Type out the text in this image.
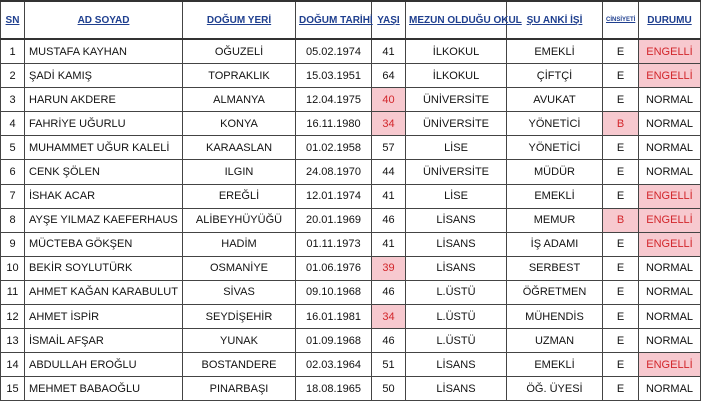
SN	AD SOYAD	DOĞUM YERİ	DOĞUM TARİHİ	YAŞI	MEZUN OLDUĞU OKUL	ŞU ANKİ İŞİ	CİNSİYETİ	DURUMU
1	MUSTAFA KAYHAN	OĞUZELİ	05.02.1974	41	İLKOKUL	EMEKLİ	E	ENGELLİ
2	ŞADİ KAMIŞ	TOPRAKLIK	15.03.1951	64	İLKOKUL	ÇİFTÇİ	E	ENGELLİ
3	HARUN AKDERE	ALMANYA	12.04.1975	40	ÜNİVERSİTE	AVUKAT	E	NORMAL
4	FAHRİYE UĞURLU	KONYA	16.11.1980	34	ÜNİVERSİTE	YÖNETİCİ	B	NORMAL
5	MUHAMMET UĞUR KALELİ	KARAASLAN	01.02.1958	57	LİSE	YÖNETİCİ	E	NORMAL
6	CENK ŞÖLEN	ILGIN	24.08.1970	44	ÜNİVERSİTE	MÜDÜR	E	NORMAL
7	İSHAK ACAR	EREĞLİ	12.01.1974	41	LİSE	EMEKLİ	E	ENGELLİ
8	AYŞE YILMAZ KAEFERHAUS	ALİBEYHÜYÜĞÜ	20.01.1969	46	LİSANS	MEMUR	B	ENGELLİ
9	MÜCTEBA GÖKŞEN	HADİM	01.11.1973	41	LİSANS	İŞ ADAMI	E	ENGELLİ
10	BEKİR SOYLUTÜRK	OSMANİYE	01.06.1976	39	LİSANS	SERBEST	E	NORMAL
11	AHMET KAĞAN KARABULUT	SİVAS	09.10.1968	46	L.ÜSTÜ	ÖĞRETMEN	E	NORMAL
12	AHMET İSPİR	SEYDİŞEHİR	16.01.1981	34	L.ÜSTÜ	MÜHENDİS	E	NORMAL
13	İSMAİL AFŞAR	YUNAK	01.09.1968	46	L.ÜSTÜ	UZMAN	E	NORMAL
14	ABDULLAH EROĞLU	BOSTANDERE	02.03.1964	51	LİSANS	EMEKLİ	E	ENGELLİ
15	MEHMET BABAOĞLU	PINARBAŞI	18.08.1965	50	LİSANS	ÖĞ. ÜYESİ	E	NORMAL
